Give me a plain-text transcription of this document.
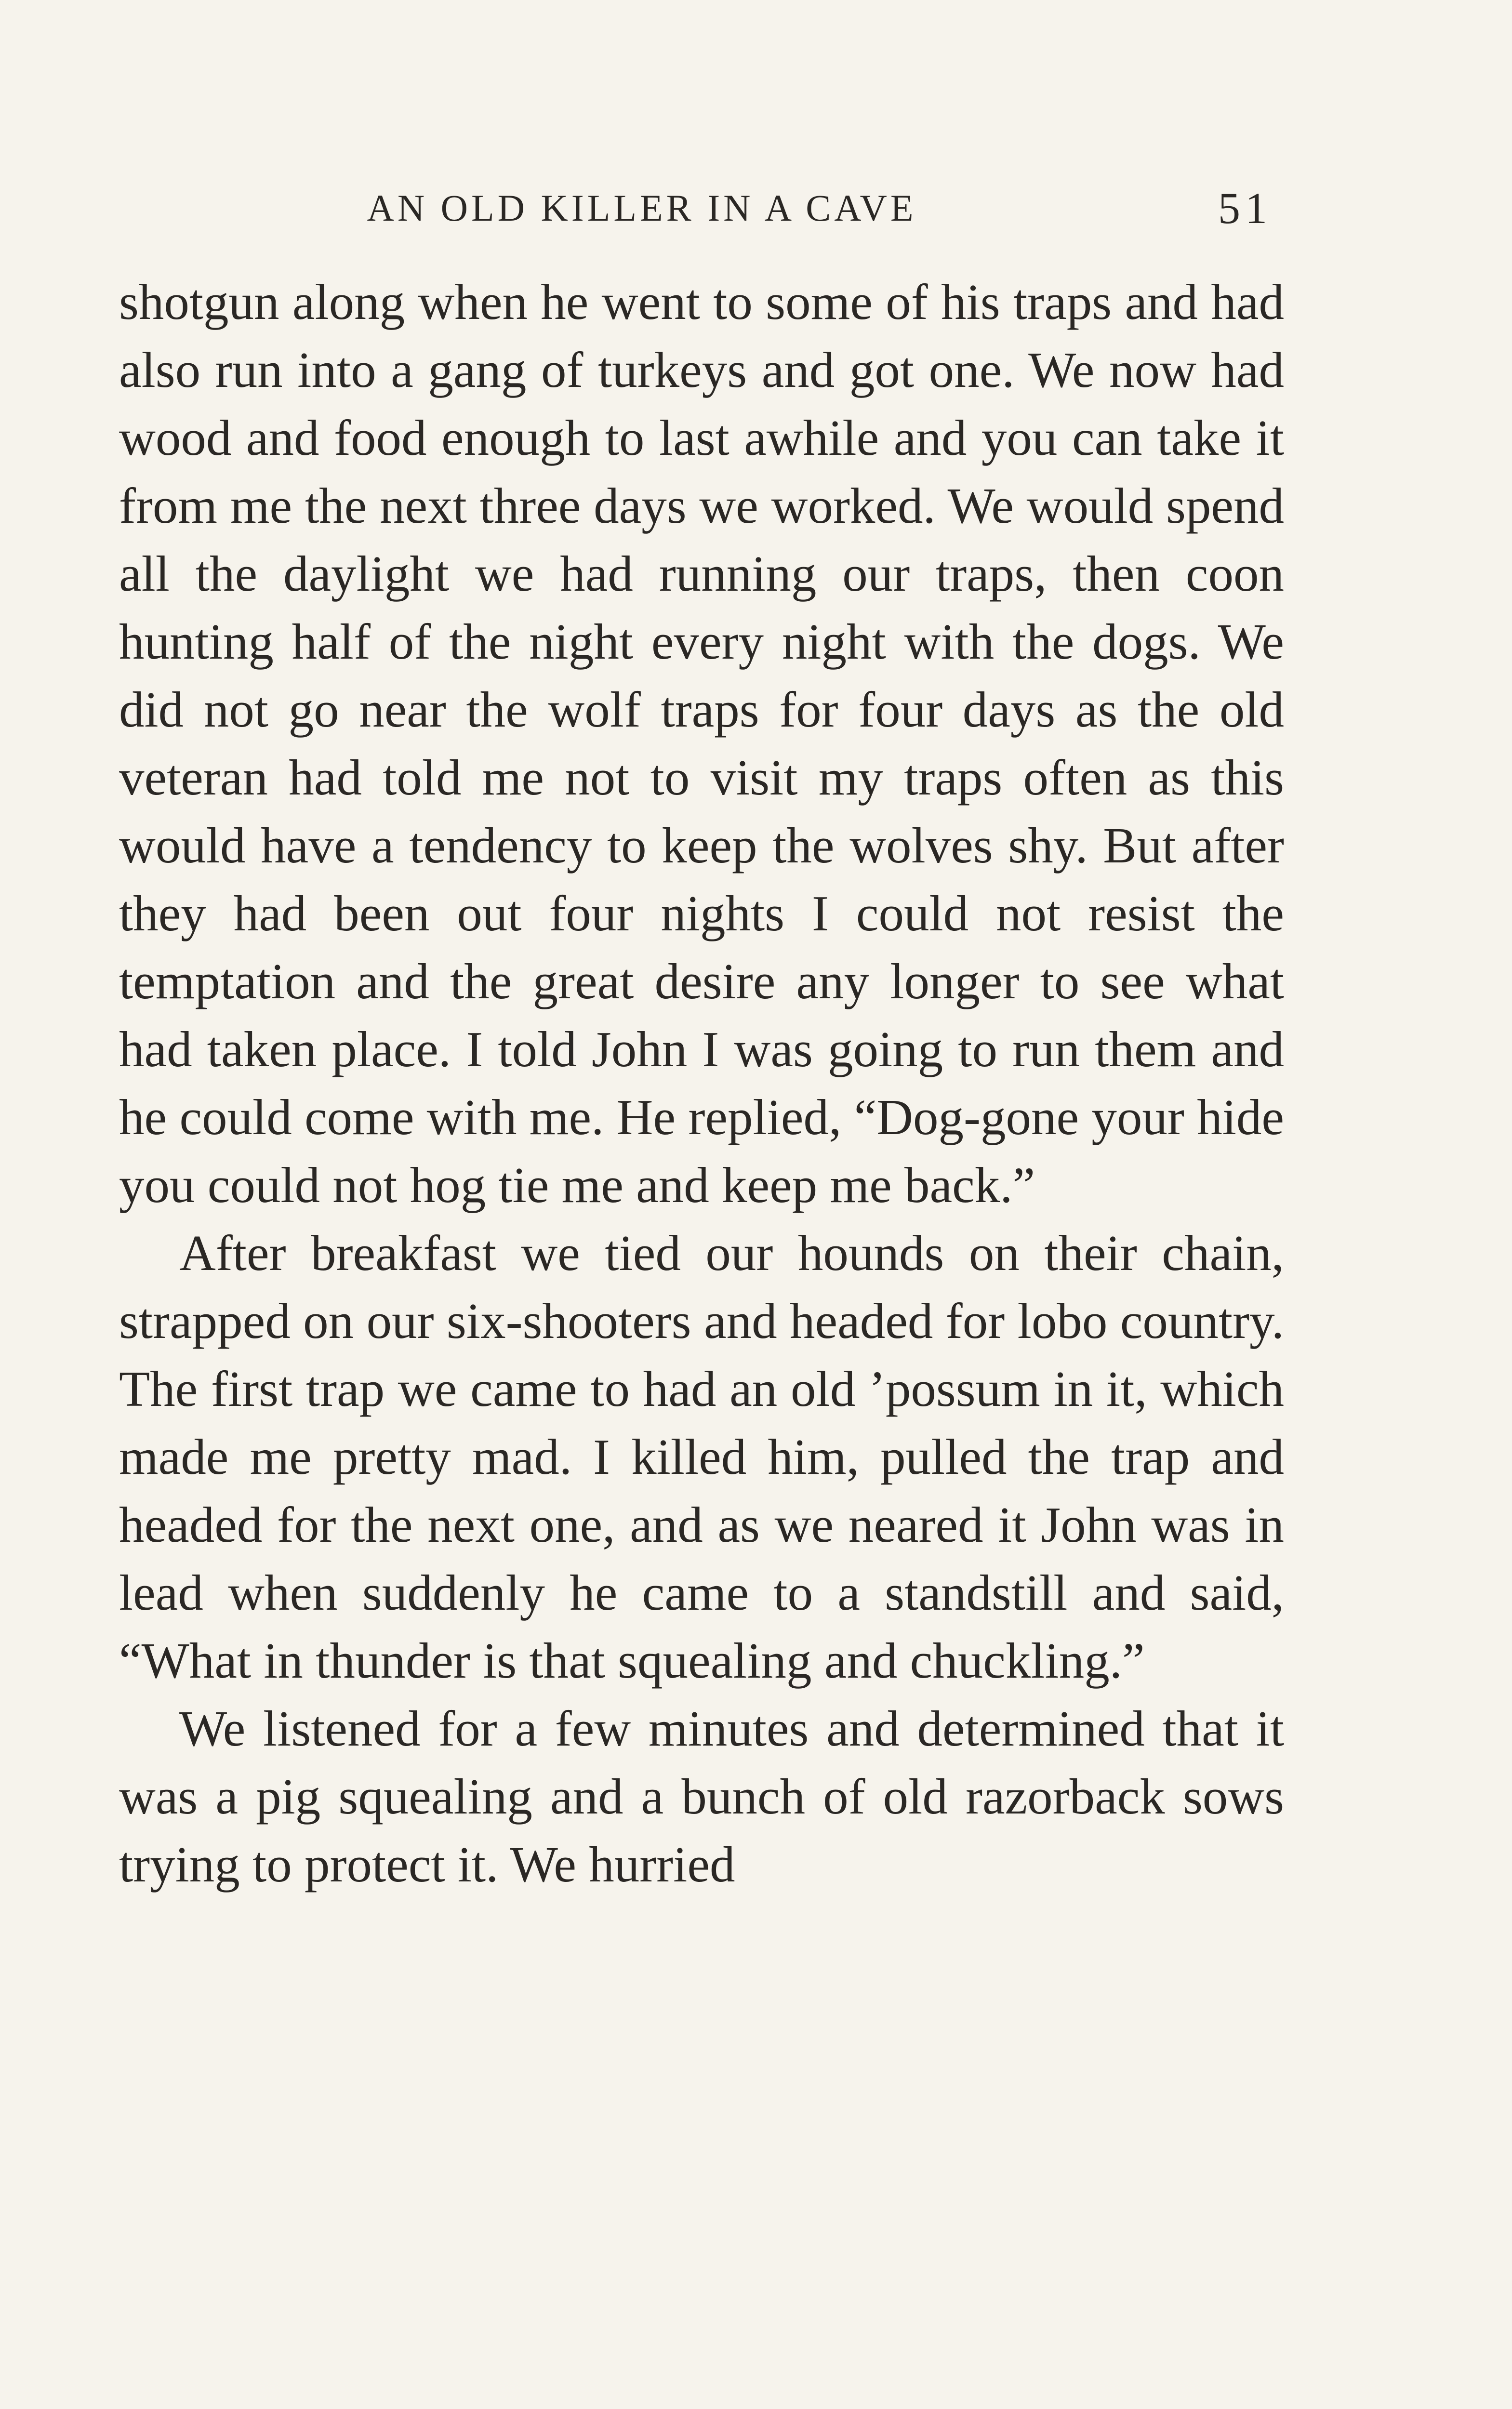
AN OLD KILLER IN A CAVE	51

shotgun along when he went to some of his traps and had also run into a gang of turkeys and got one. We now had wood and food enough to last awhile and you can take it from me the next three days we worked. We would spend all the daylight we had running our traps, then coon hunting half of the night every night with the dogs. We did not go near the wolf traps for four days as the old veteran had told me not to visit my traps often as this would have a tendency to keep the wolves shy. But after they had been out four nights I could not resist the temptation and the great desire any longer to see what had taken place. I told John I was going to run them and he could come with me. He replied, “Dog-gone your hide you could not hog tie me and keep me back.”

After breakfast we tied our hounds on their chain, strapped on our six-shooters and headed for lobo country. The first trap we came to had an old ’possum in it, which made me pretty mad. I killed him, pulled the trap and headed for the next one, and as we neared it John was in lead when suddenly he came to a standstill and said, “What in thunder is that squealing and chuckling.”

We listened for a few minutes and determined that it was a pig squealing and a bunch of old razorback sows trying to protect it. We hurried
